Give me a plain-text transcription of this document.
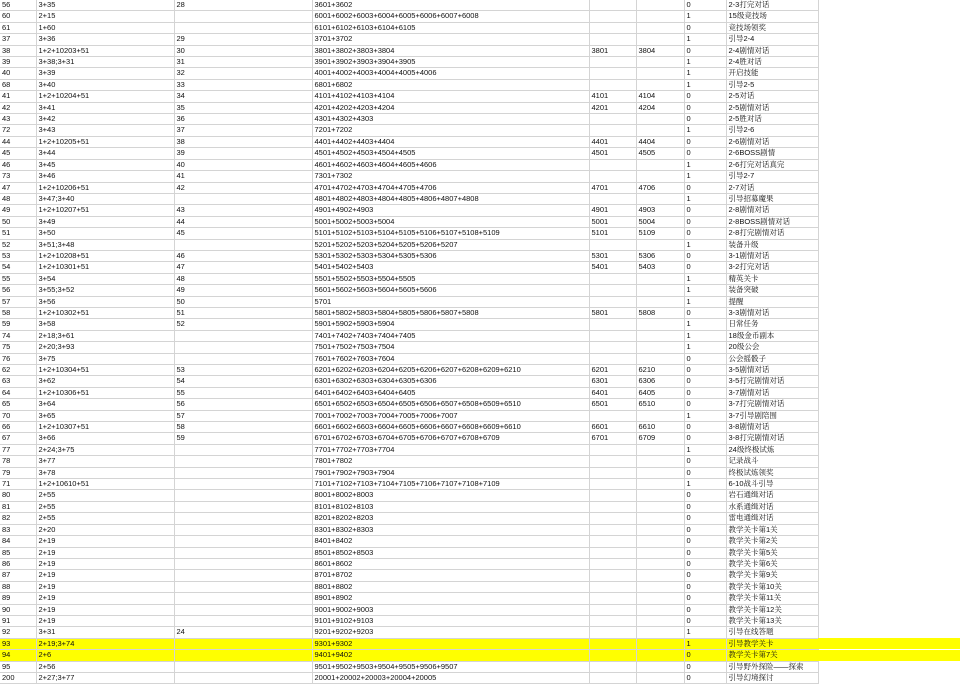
56	3+35	28	3601+3602			0	2-3打完对话
60	2+15		6001+6002+6003+6004+6005+6006+6007+6008			1	15级竞技场
61	1+60		6101+6102+6103+6104+6105			0	竞技场领奖
37	3+36	29	3701+3702			1	引导2-4
38	1+2+10203+51	30	3801+3802+3803+3804	3801	3804	0	2-4剧情对话
39	3+38;3+31	31	3901+3902+3903+3904+3905			1	2-4胜对话
40	3+39	32	4001+4002+4003+4004+4005+4006			1	开启技能
68	3+40	33	6801+6802			1	引导2-5
41	1+2+10204+51	34	4101+4102+4103+4104	4101	4104	0	2-5对话
42	3+41	35	4201+4202+4203+4204	4201	4204	0	2-5剧情对话
43	3+42	36	4301+4302+4303			0	2-5胜对话
72	3+43	37	7201+7202			1	引导2-6
44	1+2+10205+51	38	4401+4402+4403+4404	4401	4404	0	2-6剧情对话
45	3+44	39	4501+4502+4503+4504+4505	4501	4505	0	2-6BOSS剧情
46	3+45	40	4601+4602+4603+4604+4605+4606			1	2-6打完对话真完
73	3+46	41	7301+7302			1	引导2-7
47	1+2+10206+51	42	4701+4702+4703+4704+4705+4706	4701	4706	0	2-7对话
48	3+47;3+40		4801+4802+4803+4804+4805+4806+4807+4808			1	引导招募魔果
49	1+2+10207+51	43	4901+4902+4903	4901	4903	0	2-8剧情对话
50	3+49	44	5001+5002+5003+5004	5001	5004	0	2-8BOSS剧情对话
51	3+50	45	5101+5102+5103+5104+5105+5106+5107+5108+5109	5101	5109	0	2-8打完剧情对话
52	3+51;3+48		5201+5202+5203+5204+5205+5206+5207			1	装备升级
53	1+2+10208+51	46	5301+5302+5303+5304+5305+5306	5301	5306	0	3-1剧情对话
54	1+2+10301+51	47	5401+5402+5403	5401	5403	0	3-2打完对话
55	3+54	48	5501+5502+5503+5504+5505			1	精英关卡
56	3+55;3+52	49	5601+5602+5603+5604+5605+5606			1	装备突破
57	3+56	50	5701			1	提醒
58	1+2+10302+51	51	5801+5802+5803+5804+5805+5806+5807+5808	5801	5808	0	3-3剧情对话
59	3+58	52	5901+5902+5903+5904			1	日常任务
74	2+18;3+61		7401+7402+7403+7404+7405			1	18级金币副本
75	2+20;3+93		7501+7502+7503+7504			1	20级公会
76	3+75		7601+7602+7603+7604			0	公会摇骰子
62	1+2+10304+51	53	6201+6202+6203+6204+6205+6206+6207+6208+6209+6210	6201	6210	0	3-5剧情对话
63	3+62	54	6301+6302+6303+6304+6305+6306	6301	6306	0	3-5打完剧情对话
64	1+2+10306+51	55	6401+6402+6403+6404+6405	6401	6405	0	3-7剧情对话
65	3+64	56	6501+6502+6503+6504+6505+6506+6507+6508+6509+6510	6501	6510	0	3-7打完剧情对话
70	3+65	57	7001+7002+7003+7004+7005+7006+7007			1	3-7引导剧陪围
66	1+2+10307+51	58	6601+6602+6603+6604+6605+6606+6607+6608+6609+6610	6601	6610	0	3-8剧情对话
67	3+66	59	6701+6702+6703+6704+6705+6706+6707+6708+6709	6701	6709	0	3-8打完剧情对话
77	2+24;3+75		7701+7702+7703+7704			1	24级终极试炼
78	3+77		7801+7802			0	记录战斗
79	3+78		7901+7902+7903+7904			0	终极试炼领奖
71	1+2+10610+51		7101+7102+7103+7104+7105+7106+7107+7108+7109			1	6-10战斗引导
80	2+55		8001+8002+8003			0	岩石通缉对话
81	2+55		8101+8102+8103			0	水系通缉对话
82	2+55		8201+8202+8203			0	雷电通缉对话
83	2+20		8301+8302+8303			0	教学关卡第1关
84	2+19		8401+8402			0	教学关卡第2关
85	2+19		8501+8502+8503			0	教学关卡第5关
86	2+19		8601+8602			0	教学关卡第6关
87	2+19		8701+8702			0	教学关卡第9关
88	2+19		8801+8802			0	教学关卡第10关
89	2+19		8901+8902			0	教学关卡第11关
90	2+19		9001+9002+9003			0	教学关卡第12关
91	2+19		9101+9102+9103			0	教学关卡第13关
92	3+31	24	9201+9202+9203			1	引导在线答题
93	2+19;3+74		9301+9302			1	引导教学关卡
94	2+6		9401+9402			0	教学关卡第7关
95	2+56		9501+9502+9503+9504+9505+9506+9507			0	引导野外探险——探索
200	2+27;3+77		20001+20002+20003+20004+20005			0	引导幻境探讨
